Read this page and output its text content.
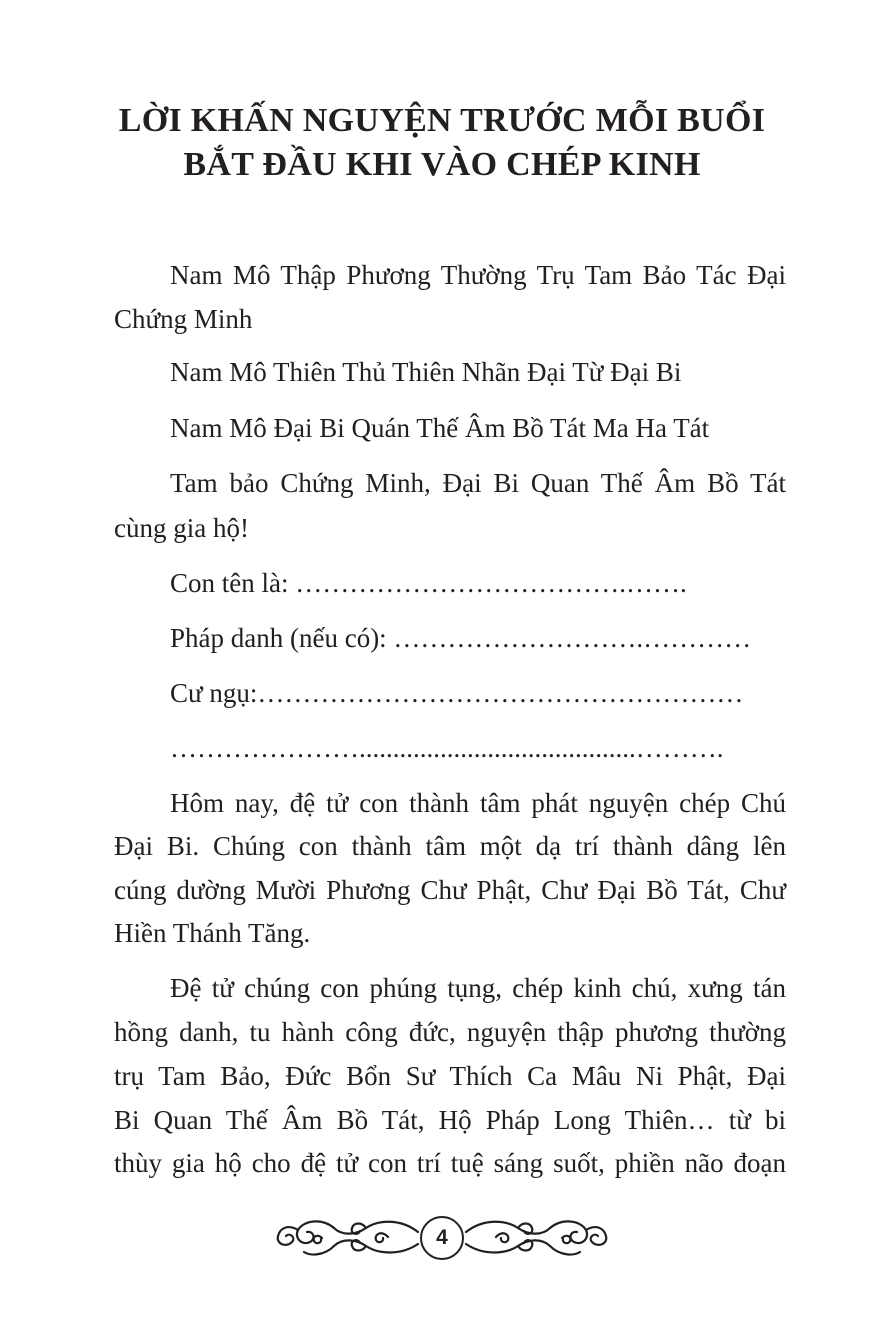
LỜI KHẤN NGUYỆN TRƯỚC MỖI BUỔI
BẮT ĐẦU KHI VÀO CHÉP KINH
Nam Mô Thập Phương Thường Trụ Tam Bảo Tác Đại
Chứng Minh
Nam Mô Thiên Thủ Thiên Nhãn Đại Từ Đại Bi
Nam Mô Đại Bi Quán Thế Âm Bồ Tát Ma Ha Tát
Tam bảo Chứng Minh, Đại Bi Quan Thế Âm Bồ Tát
cùng gia hộ!
Con tên là: ……………………………….…….
Pháp danh (nếu có): ……………………….…………
Cư ngụ:………………………………………………
………………….........................................……….
Hôm nay, đệ tử con thành tâm phát nguyện chép Chú
Đại Bi. Chúng con thành tâm một dạ trí thành dâng lên
cúng dường Mười Phương Chư Phật, Chư Đại Bồ Tát, Chư
Hiền Thánh Tăng.
Đệ tử chúng con phúng tụng, chép kinh chú, xưng tán
hồng danh, tu hành công đức, nguyện thập phương thường
trụ Tam Bảo, Đức Bổn Sư Thích Ca Mâu Ni Phật, Đại
Bi Quan Thế Âm Bồ Tát, Hộ Pháp Long Thiên… từ bi
thùy gia hộ cho đệ tử con trí tuệ sáng suốt, phiền não đoạn
4
